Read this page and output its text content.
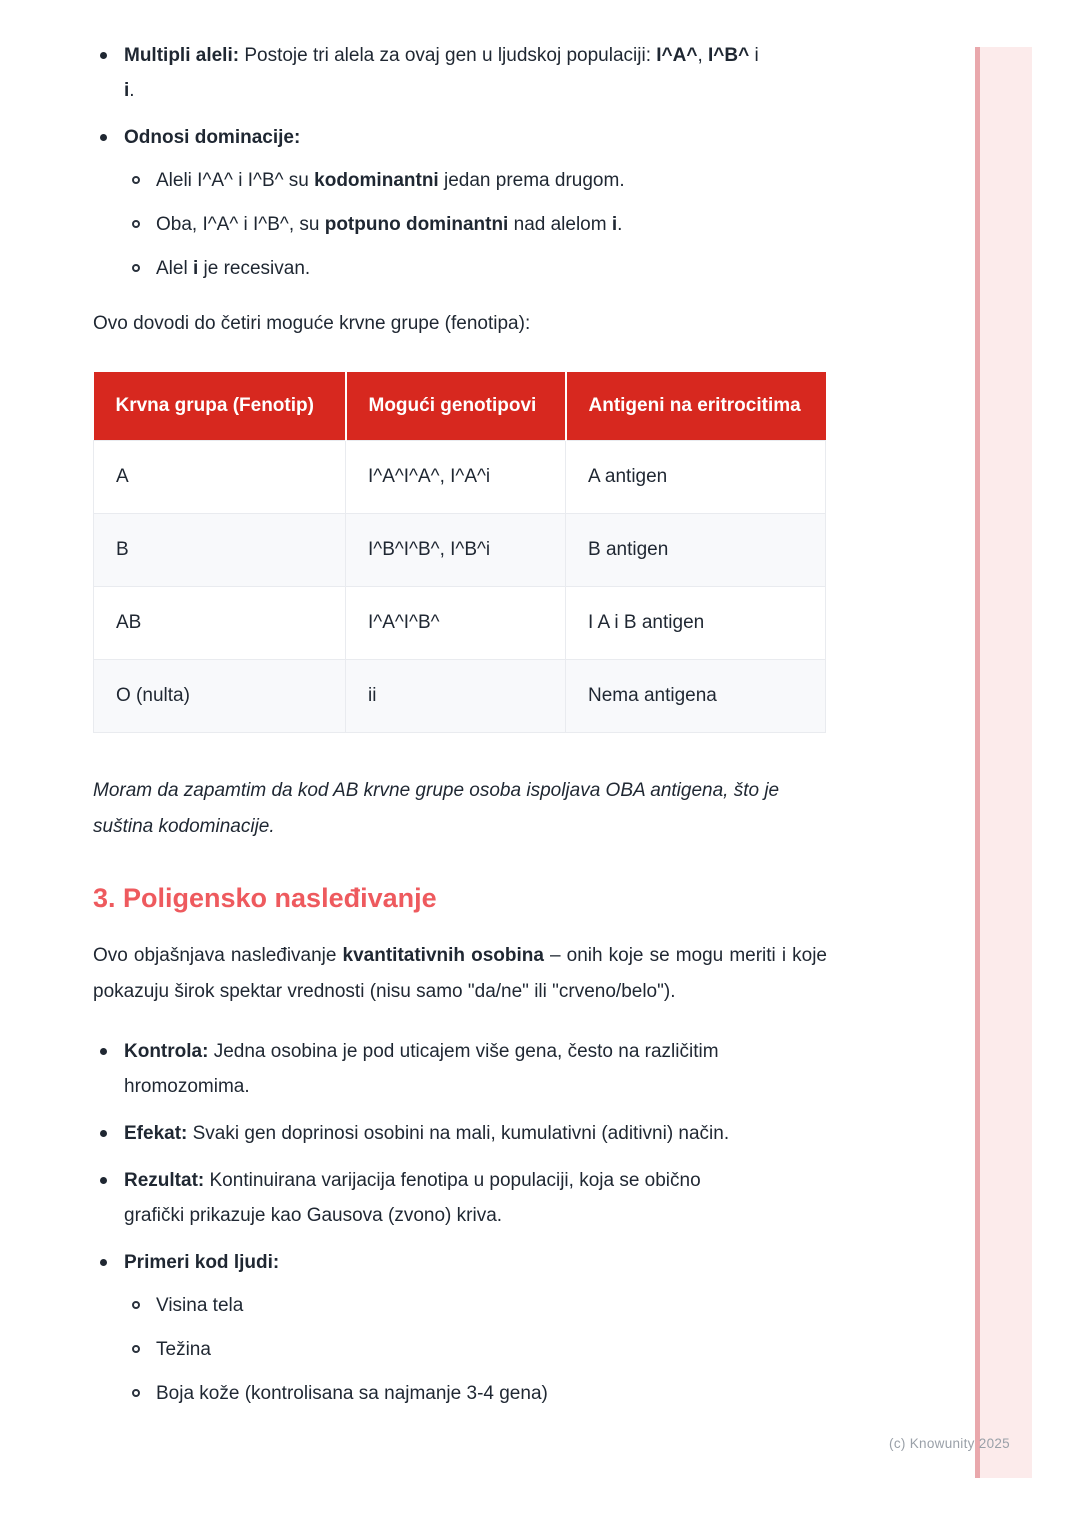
Multipli aleli: Postoje tri alela za ovaj gen u ljudskoj populaciji: I^A^, I^B^ i
i.
Odnosi dominacije:
Aleli I^A^ i I^B^ su kodominantni jedan prema drugom.
Oba, I^A^ i I^B^, su potpuno dominantni nad alelom i.
Alel i je recesivan.

Ovo dovodi do četiri moguće krvne grupe (fenotipa):

Krvna grupa (Fenotip)	Mogući genotipovi	Antigeni na eritrocitima
A	I^A^I^A^, I^A^i	A antigen
B	I^B^I^B^, I^B^i	B antigen
AB	I^A^I^B^	I A i B antigen
O (nulta)	ii	Nema antigena

Moram da zapamtim da kod AB krvne grupe osoba ispoljava OBA antigena, što je suština kodominacije.

3. Poligensko nasleđivanje

Ovo objašnjava nasleđivanje kvantitativnih osobina – onih koje se mogu meriti i koje pokazuju širok spektar vrednosti (nisu samo "da/ne" ili "crveno/belo").

Kontrola: Jedna osobina je pod uticajem više gena, često na različitim hromozomima.
Efekat: Svaki gen doprinosi osobini na mali, kumulativni (aditivni) način.
Rezultat: Kontinuirana varijacija fenotipa u populaciji, koja se obično grafički prikazuje kao Gausova (zvono) kriva.
Primeri kod ljudi:
Visina tela
Težina
Boja kože (kontrolisana sa najmanje 3-4 gena)
(c) Knowunity 2025
